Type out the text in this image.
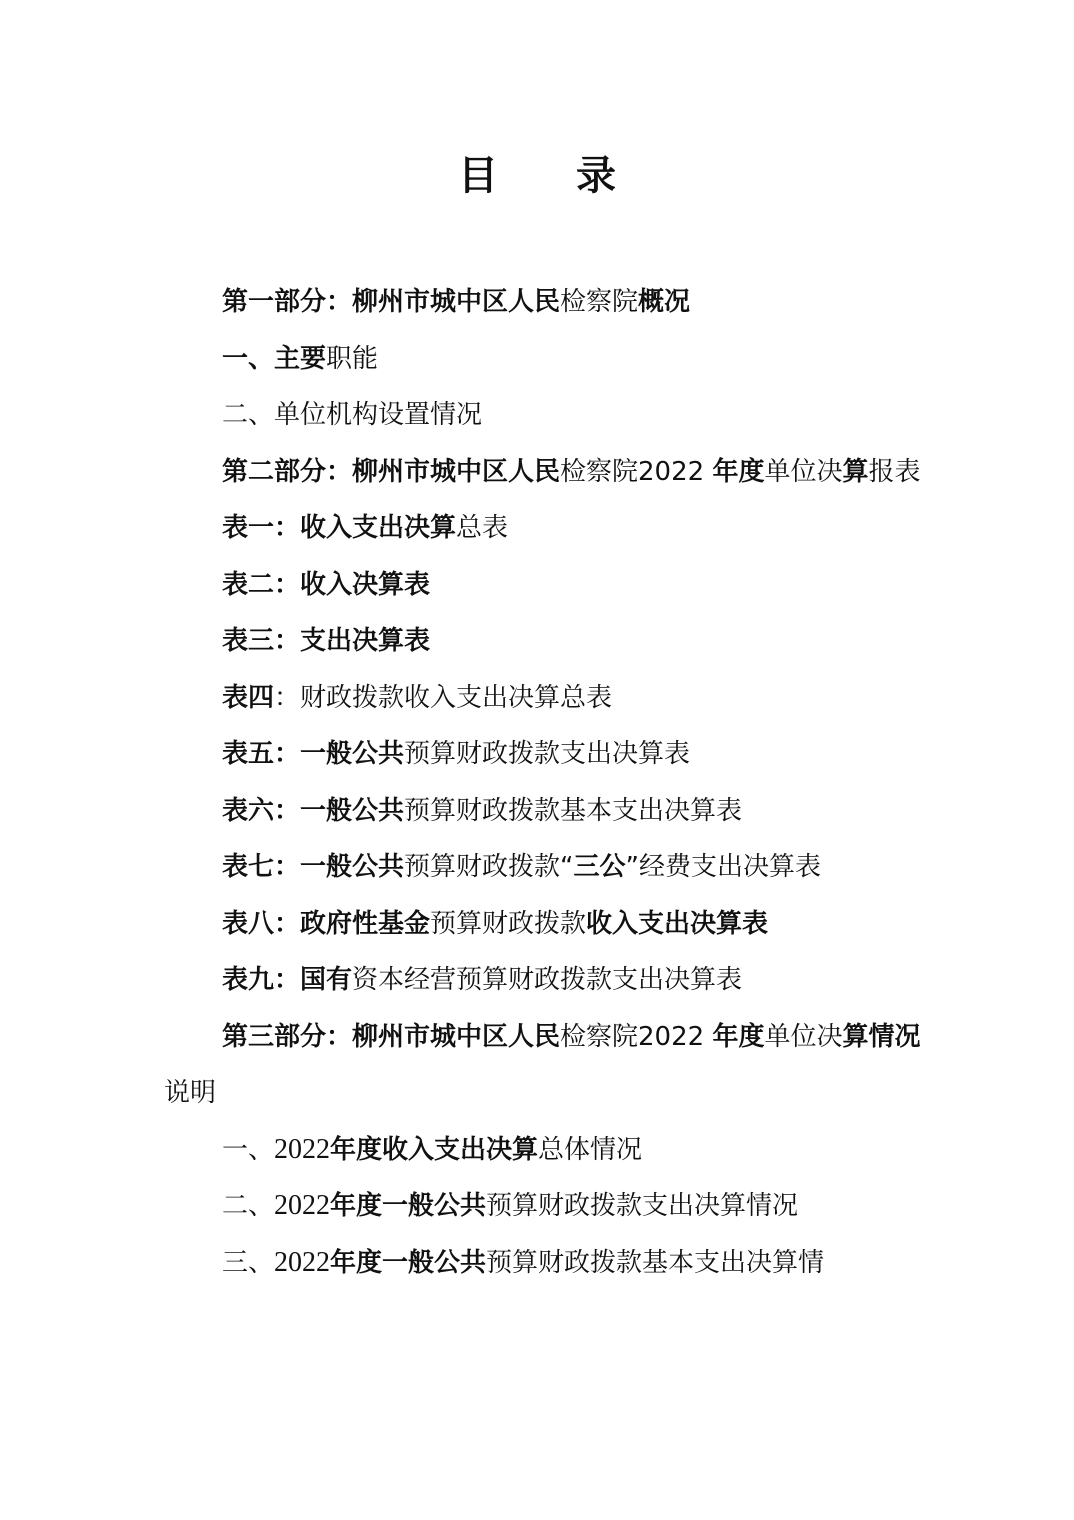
目录

第一部分：柳州市城中区人民检察院概况

一、主要职能

二、单位机构设置情况

第二部分：柳州市城中区人民检察院2022 年度单位决算报表

表一：收入支出决算总表

表二：收入决算表

表三：支出决算表

表四：财政拨款收入支出决算总表

表五：一般公共预算财政拨款支出决算表

表六：一般公共预算财政拨款基本支出决算表

表七：一般公共预算财政拨款“三公”经费支出决算表

表八：政府性基金预算财政拨款收入支出决算表

表九：国有资本经营预算财政拨款支出决算表

第三部分：柳州市城中区人民检察院2022 年度单位决算情况说明

一、2022年度收入支出决算总体情况

二、2022年度一般公共预算财政拨款支出决算情况

三、2022年度一般公共预算财政拨款基本支出决算情
